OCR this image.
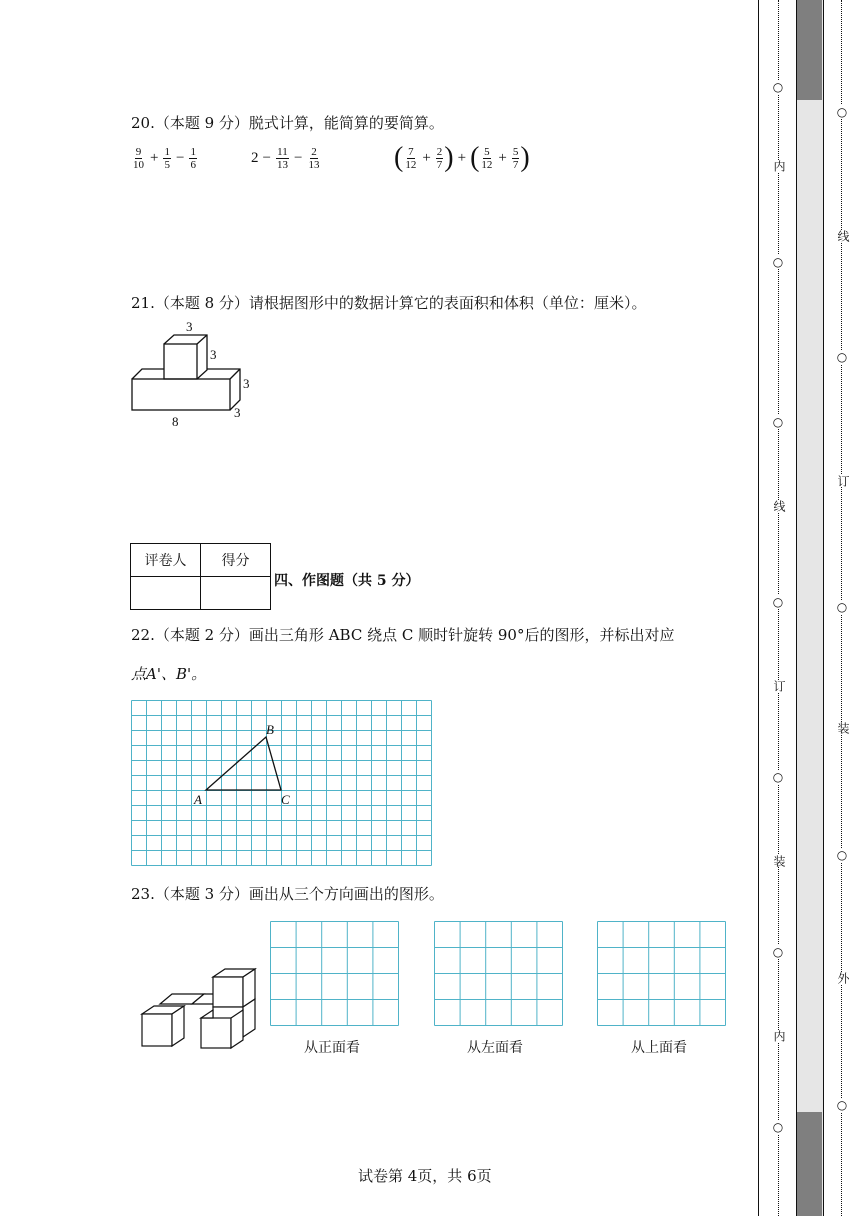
20.（本题 9 分）脱式计算，能简算的要简算。
$\frac{9}{10} + \frac{1}{5} - \frac{1}{6}$	$2 - \frac{11}{13} - \frac{2}{13}$	( $\frac{7}{12} + \frac{2}{7}$ ) + ( $\frac{5}{12} + \frac{5}{7}$ )
21.（本题 8 分）请根据图形中的数据计算它的表面积和体积（单位：厘米）。
3
3
3
3
8
评卷人	得分

四、作图题（共 5 分）
22.（本题 2 分）画出三角形 ABC 绕点 C 顺时针旋转 90°后的图形，并标出对应
点A'、B'。
B
A	C
23.（本题 3 分）画出从三个方向画出的图形。
从正面看	从左面看	从上面看
试卷第 4页，共 6页
○
内
○
○
线
○
订
○
装
○
内
○
○
线
○
订
○
装
○
外
○
